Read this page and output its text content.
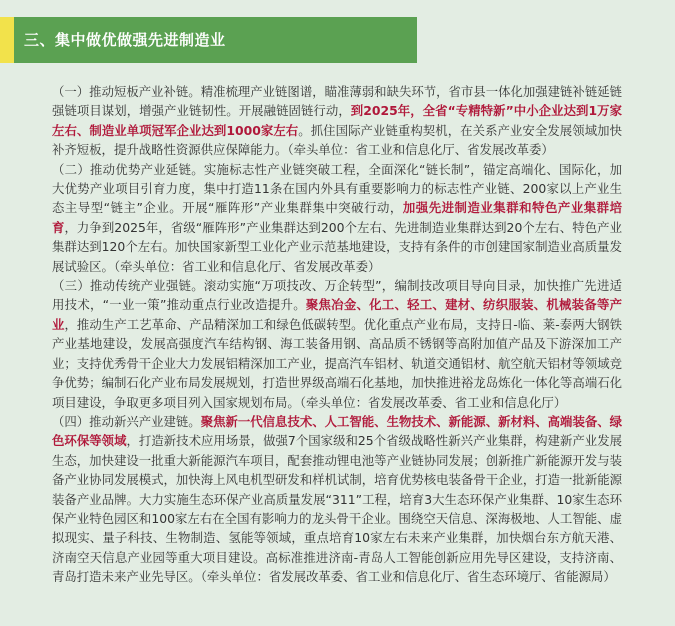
三、集中做优做强先进制造业

（一）推动短板产业补链。精准梳理产业链图谱，瞄准薄弱和缺失环节，省市县一体化加强建链补链延链强链项目谋划，增强产业链韧性。开展融链固链行动，到2025年，全省“专精特新”中小企业达到1万家左右、制造业单项冠军企业达到1000家左右。抓住国际产业链重构契机，在关系产业安全发展领域加快补齐短板，提升战略性资源供应保障能力。（牵头单位：省工业和信息化厅、省发展改革委）

（二）推动优势产业延链。实施标志性产业链突破工程，全面深化“链长制”，锚定高端化、国际化，加大优势产业项目引育力度，集中打造11条在国内外具有重要影响力的标志性产业链、200家以上产业生态主导型“链主”企业。开展“雁阵形”产业集群集中突破行动，加强先进制造业集群和特色产业集群培育，力争到2025年，省级“雁阵形”产业集群达到200个左右、先进制造业集群达到20个左右、特色产业集群达到120个左右。加快国家新型工业化产业示范基地建设，支持有条件的市创建国家制造业高质量发展试验区。（牵头单位：省工业和信息化厅、省发展改革委）

（三）推动传统产业强链。滚动实施“万项技改、万企转型”，编制技改项目导向目录，加快推广先进适用技术，“一业一策”推动重点行业改造提升。聚焦冶金、化工、轻工、建材、纺织服装、机械装备等产业，推动生产工艺革命、产品精深加工和绿色低碳转型。优化重点产业布局，支持日-临、莱-泰两大钢铁产业基地建设，发展高强度汽车结构钢、海工装备用钢、高品质不锈钢等高附加值产品及下游深加工产业；支持优秀骨干企业大力发展铝精深加工产业，提高汽车铝材、轨道交通铝材、航空航天铝材等领域竞争优势；编制石化产业布局发展规划，打造世界级高端石化基地，加快推进裕龙岛炼化一体化等高端石化项目建设，争取更多项目列入国家规划布局。（牵头单位：省发展改革委、省工业和信息化厅）

（四）推动新兴产业建链。聚焦新一代信息技术、人工智能、生物技术、新能源、新材料、高端装备、绿色环保等领域，打造新技术应用场景，做强7个国家级和25个省级战略性新兴产业集群，构建新产业发展生态，加快建设一批重大新能源汽车项目，配套推动锂电池等产业链协同发展；创新推广新能源开发与装备产业协同发展模式，加快海上风电机型研发和样机试制，培育优势核电装备骨干企业，打造一批新能源装备产业品牌。大力实施生态环保产业高质量发展“311”工程，培育3大生态环保产业集群、10家生态环保产业特色园区和100家左右在全国有影响力的龙头骨干企业。围绕空天信息、深海极地、人工智能、虚拟现实、量子科技、生物制造、氢能等领域，重点培育10家左右未来产业集群，加快烟台东方航天港、济南空天信息产业园等重大项目建设。高标准推进济南-青岛人工智能创新应用先导区建设，支持济南、青岛打造未来产业先导区。（牵头单位：省发展改革委、省工业和信息化厅、省生态环境厅、省能源局）
